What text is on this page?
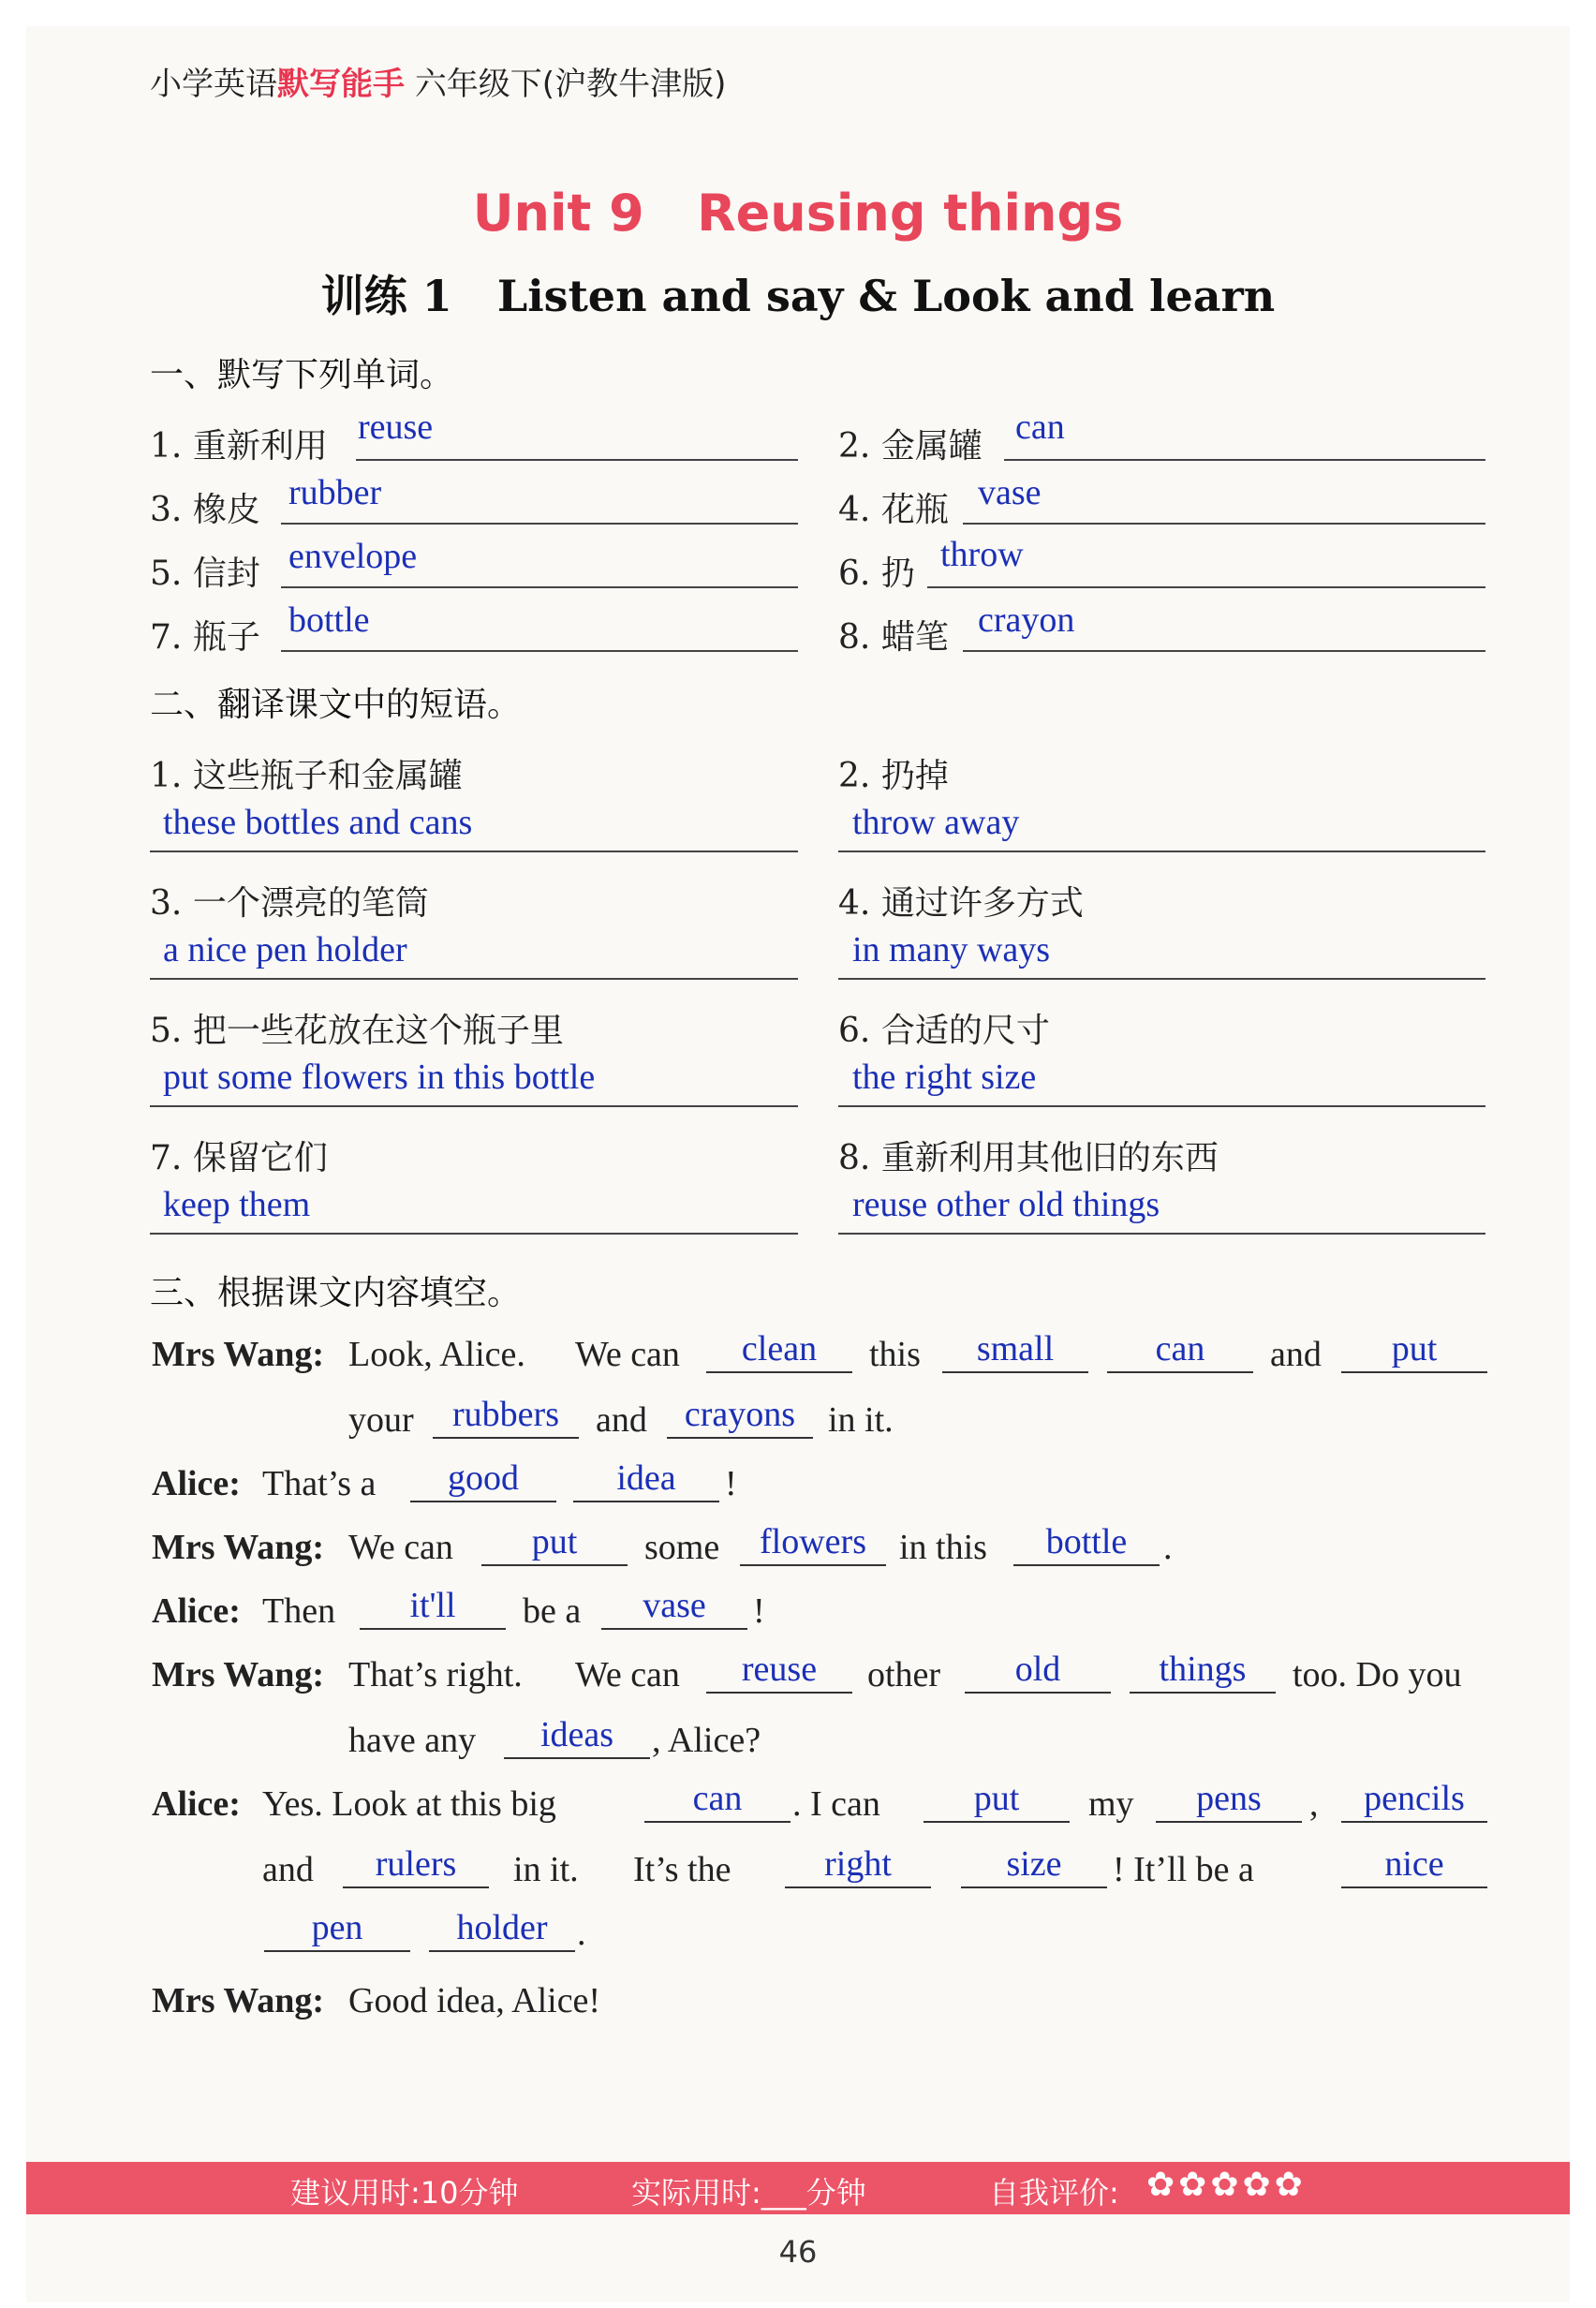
小学英语默写能手 六年级下(沪教牛津版)
Unit 9   Reusing things
训练 1   Listen and say & Look and learn
一、默写下列单词。
1. 重新利用 reuse	2. 金属罐 can
3. 橡皮 rubber	4. 花瓶 vase
5. 信封 envelope	6. 扔 throw
7. 瓶子 bottle	8. 蜡笔 crayon
二、翻译课文中的短语。
1. 这些瓶子和金属罐
these bottles and cans
2. 扔掉
throw away
3. 一个漂亮的笔筒
a nice pen holder
4. 通过许多方式
in many ways
5. 把一些花放在这个瓶子里
put some flowers in this bottle
6. 合适的尺寸
the right size
7. 保留它们
keep them
8. 重新利用其他旧的东西
reuse other old things
三、根据课文内容填空。
Mrs Wang: Look, Alice. We can	clean	this	small	can	and	put
your	rubbers	and	crayons in it.
Alice: That’s a	good	idea	!
Mrs Wang: We can	put	some	flowers in this	bottle	.
Alice: Then	it'll	be a	vase	!
Mrs Wang: That’s right. We can	reuse	other	old	things	too. Do you
have any	ideas	, Alice?
Alice: Yes. Look at this big	can	. I can	put	my	pens	,	pencils
and	rulers	in it. It’s the	right	size	! It’ll be a	nice
pen	holder .
Mrs Wang: Good idea, Alice!
建议用时:10分钟	实际用时:___分钟	自我评价: ✿✿✿✿✿
46
